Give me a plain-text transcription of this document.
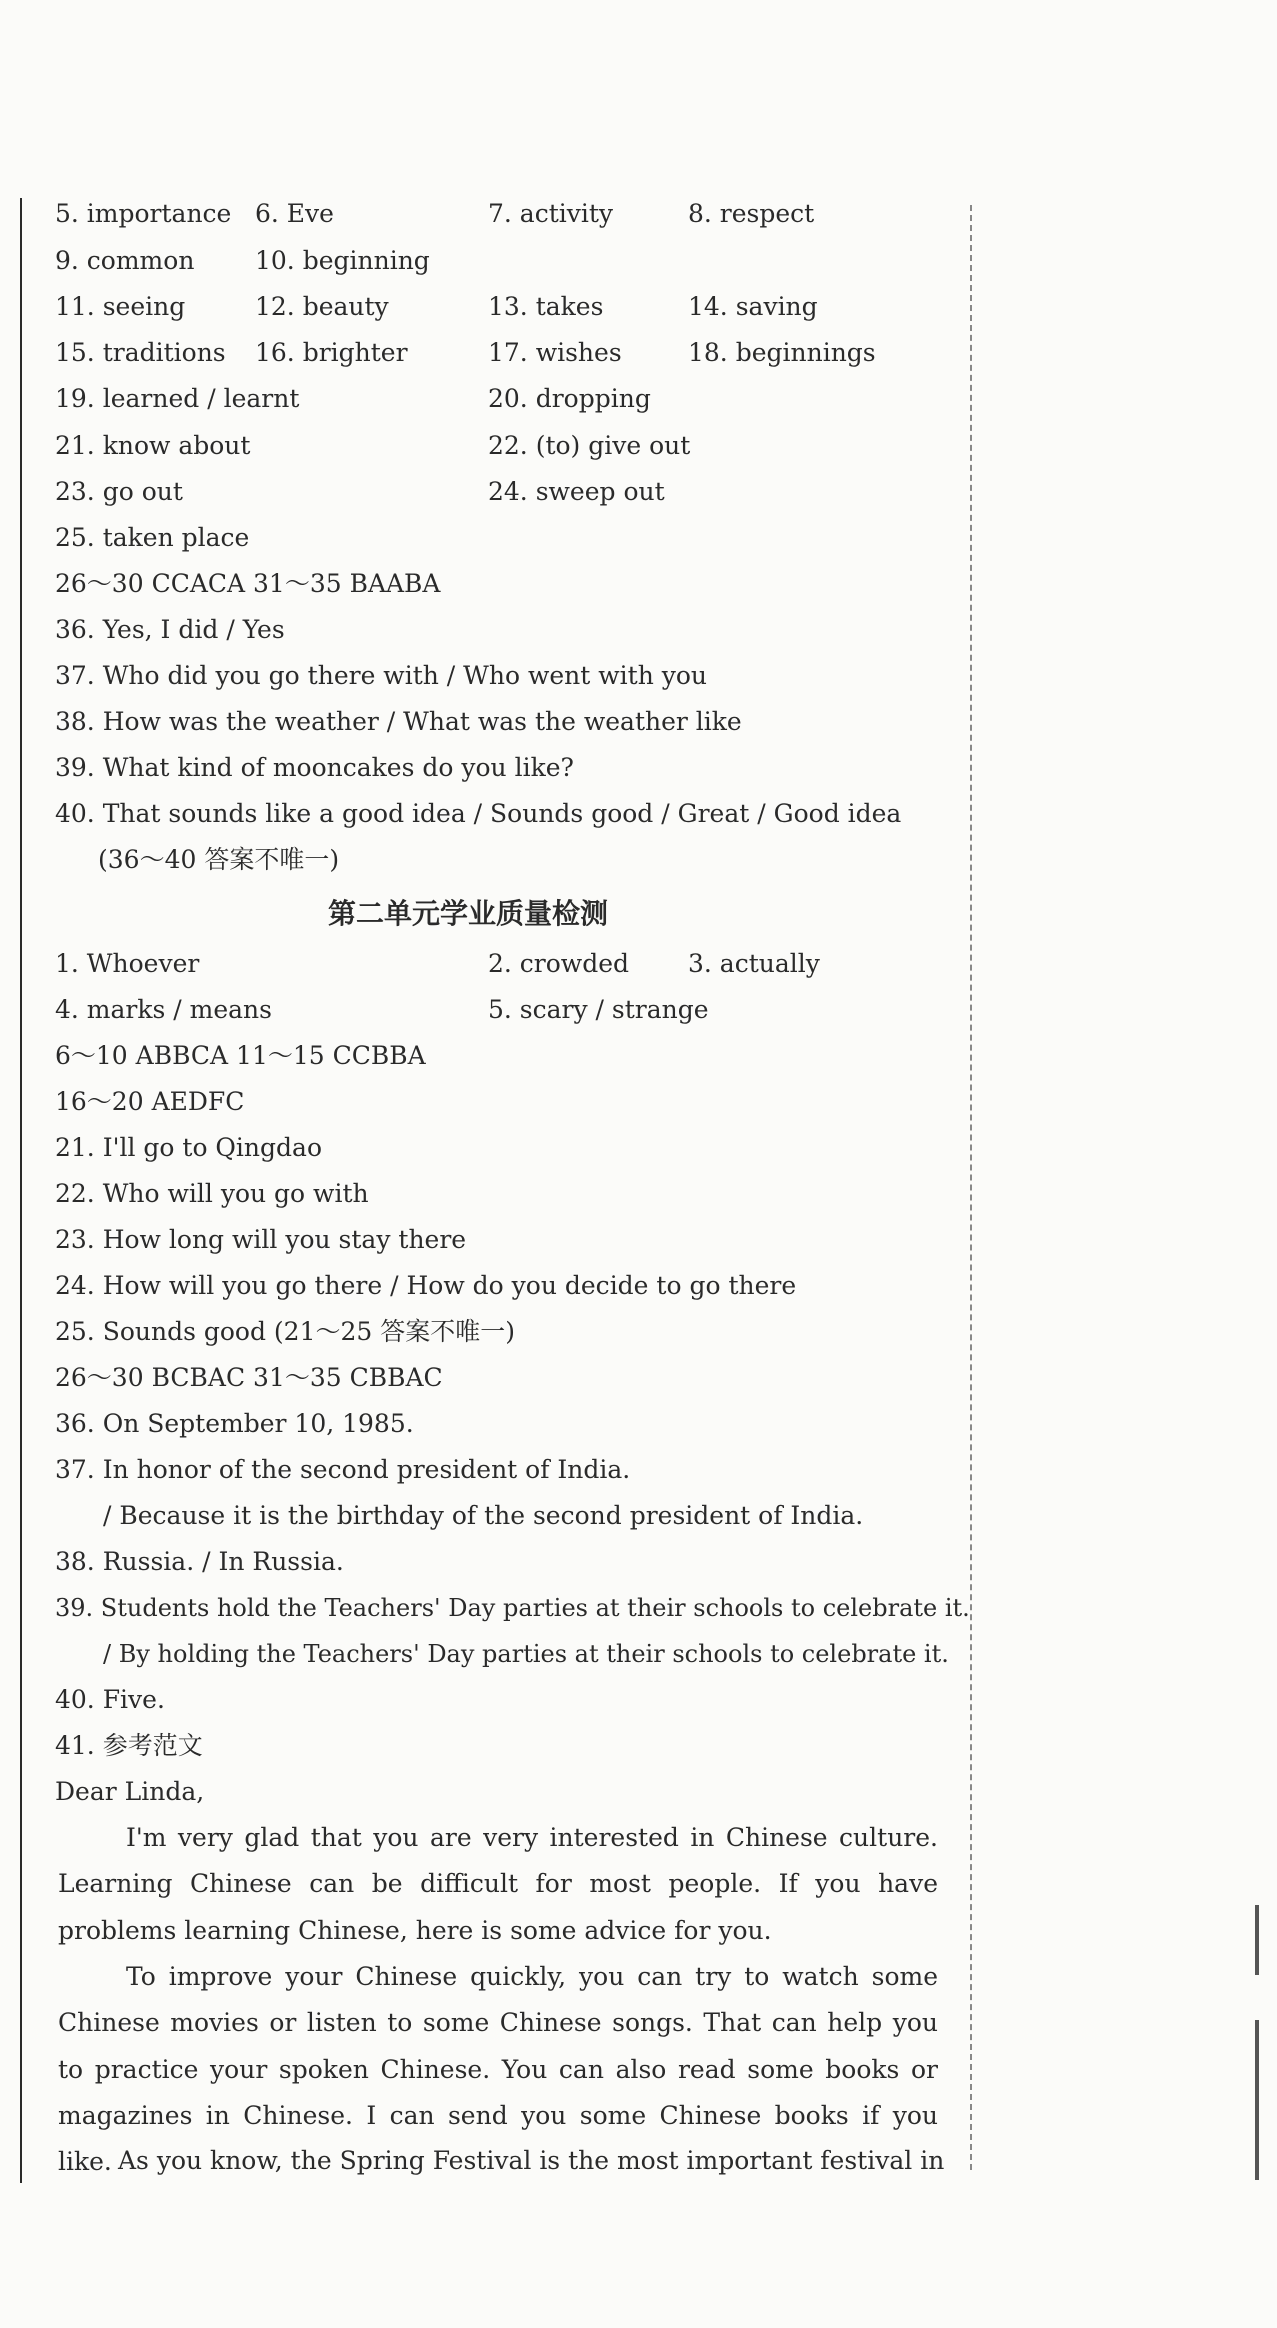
5. importance 6. Eve	7. activity	8. respect
9. common 10. beginning
11. seeing	12. beauty	13. takes	14. saving
15. traditions 16. brighter	17. wishes	18. beginnings
19. learned / learnt	20. dropping
21. know about	22. (to) give out
23. go out	24. sweep out
25. taken place
26～30 CCACA 31～35 BAABA
36. Yes, I did / Yes
37. Who did you go there with / Who went with you
38. How was the weather / What was the weather like
39. What kind of mooncakes do you like?
40. That sounds like a good idea / Sounds good / Great / Good idea
(36～40 答案不唯一)
第二单元学业质量检测
1. Whoever	2. crowded 3. actually
4. marks / means	5. scary / strange
6～10 ABBCA 11～15 CCBBA
16～20 AEDFC
21. I'll go to Qingdao
22. Who will you go with
23. How long will you stay there
24. How will you go there / How do you decide to go there
25. Sounds good (21～25 答案不唯一)
26～30 BCBAC 31～35 CBBAC
36. On September 10, 1985.
37. In honor of the second president of India.
/ Because it is the birthday of the second president of India.
38. Russia. / In Russia.
39. Students hold the Teachers' Day parties at their schools to celebrate it.
/ By holding the Teachers' Day parties at their schools to celebrate it.
40. Five.
41. 参考范文
Dear Linda,
I'm very glad that you are very interested in Chinese culture. Learning Chinese can be difficult for most people. If you have problems learning Chinese, here is some advice for you.
To improve your Chinese quickly, you can try to watch some Chinese movies or listen to some Chinese songs. That can help you to practice your spoken Chinese. You can also read some books or magazines in Chinese. I can send you some Chinese books if you like. As you know, the Spring Festival is the most important festival in
